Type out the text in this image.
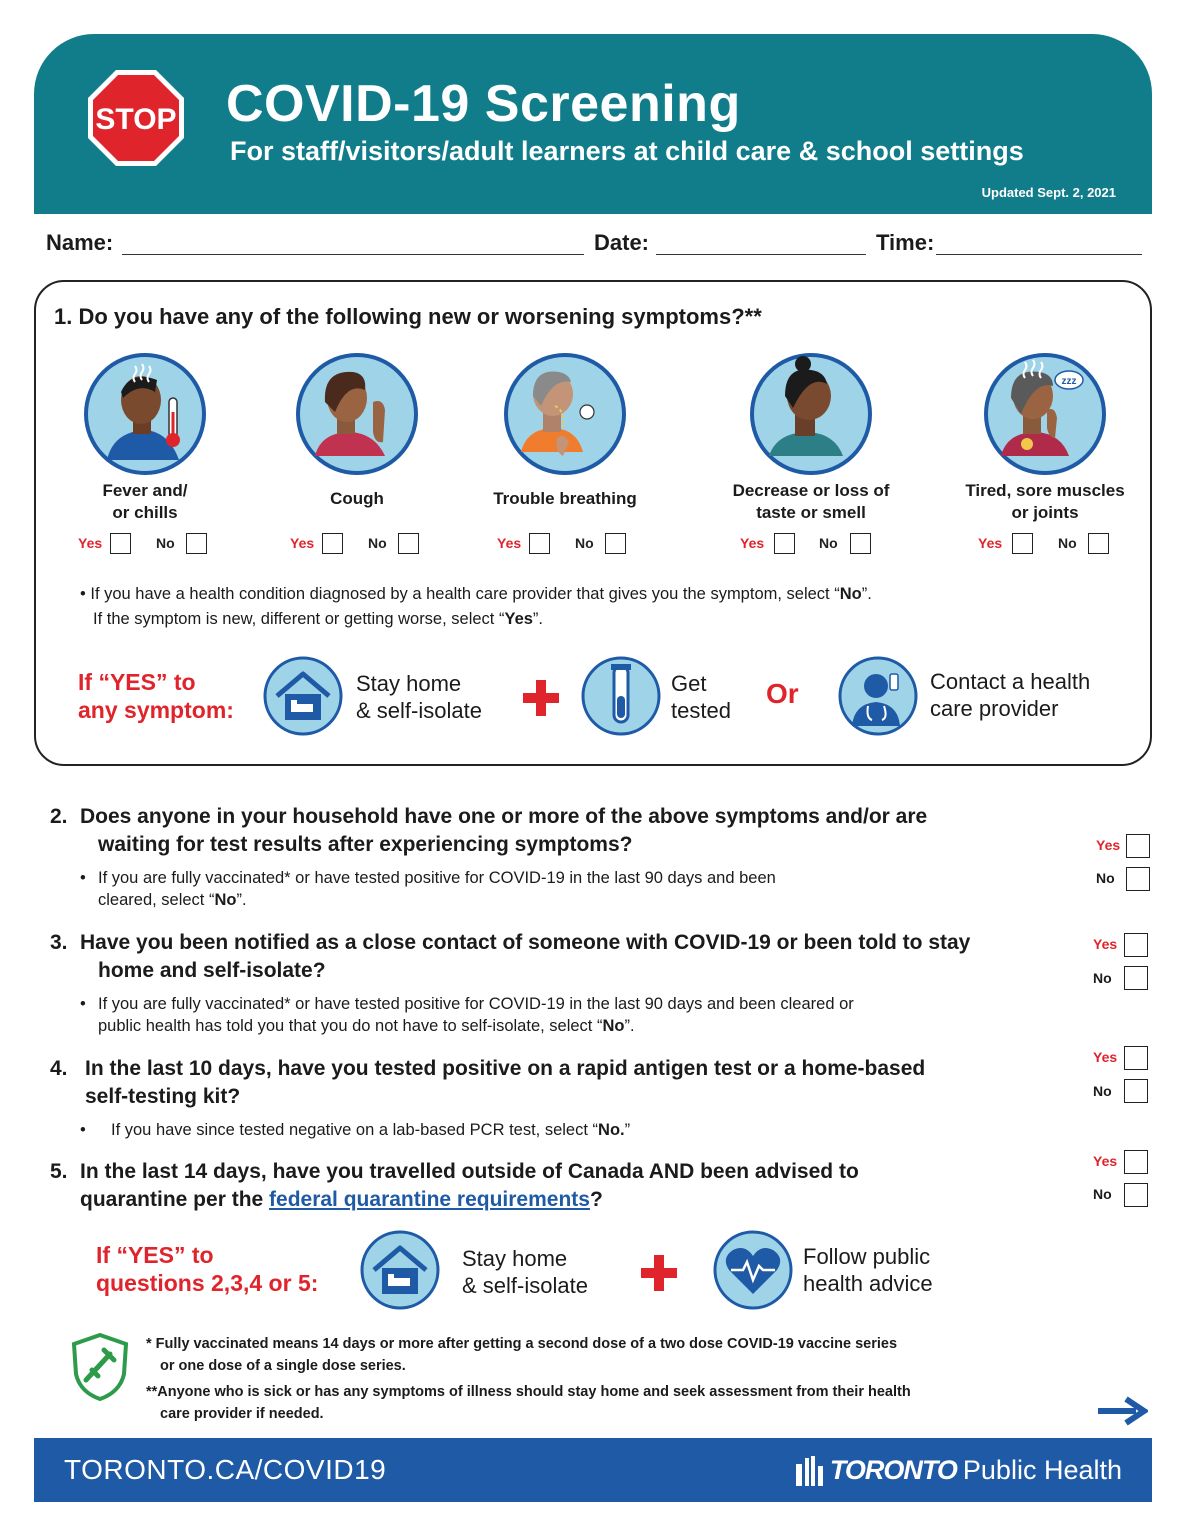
STOP COVID-19 Screening
For staff/visitors/adult learners at child care & school settings
Updated Sept. 2, 2021
Name:	Date:	Time:
1. Do you have any of the following new or worsening symptoms?**
Fever and/
or chills
Cough	Trouble breathing	Decrease or loss of
taste or smell
zzz
Tired, sore muscles
or joints
Yes	No	Yes	No	Yes	No	Yes	No	Yes	No
• If you have a health condition diagnosed by a health care provider that gives you the symptom, select “No”.
If the symptom is new, different or getting worse, select “Yes”.
If “YES” to
any symptom:
Stay home
& self-isolate
Get
tested
Or	Contact a health
care provider
2. Does anyone in your household have one or more of the above symptoms and/or are
waiting for test results after experiencing symptoms?
• If you are fully vaccinated* or have tested positive for COVID-19 in the last 90 days and been
cleared, select “No”.
Yes
No
3. Have you been notified as a close contact of someone with COVID-19 or been told to stay
home and self-isolate?
• If you are fully vaccinated* or have tested positive for COVID-19 in the last 90 days and been cleared or
public health has told you that you do not have to self-isolate, select “No”.
Yes
No
4. In the last 10 days, have you tested positive on a rapid antigen test or a home-based
self-testing kit?
•	If you have since tested negative on a lab-based PCR test, select “No.”
Yes
No
5. In the last 14 days, have you travelled outside of Canada AND been advised to
quarantine per the federal quarantine requirements?
Yes
No
If “YES” to
questions 2,3,4 or 5:
Stay home
& self-isolate
Follow public
health advice
* Fully vaccinated means 14 days or more after getting a second dose of a two dose COVID-19 vaccine series
or one dose of a single dose series.
**Anyone who is sick or has any symptoms of illness should stay home and seek assessment from their health
care provider if needed.
TORONTO.CA/COVID19	TORONTO Public Health
